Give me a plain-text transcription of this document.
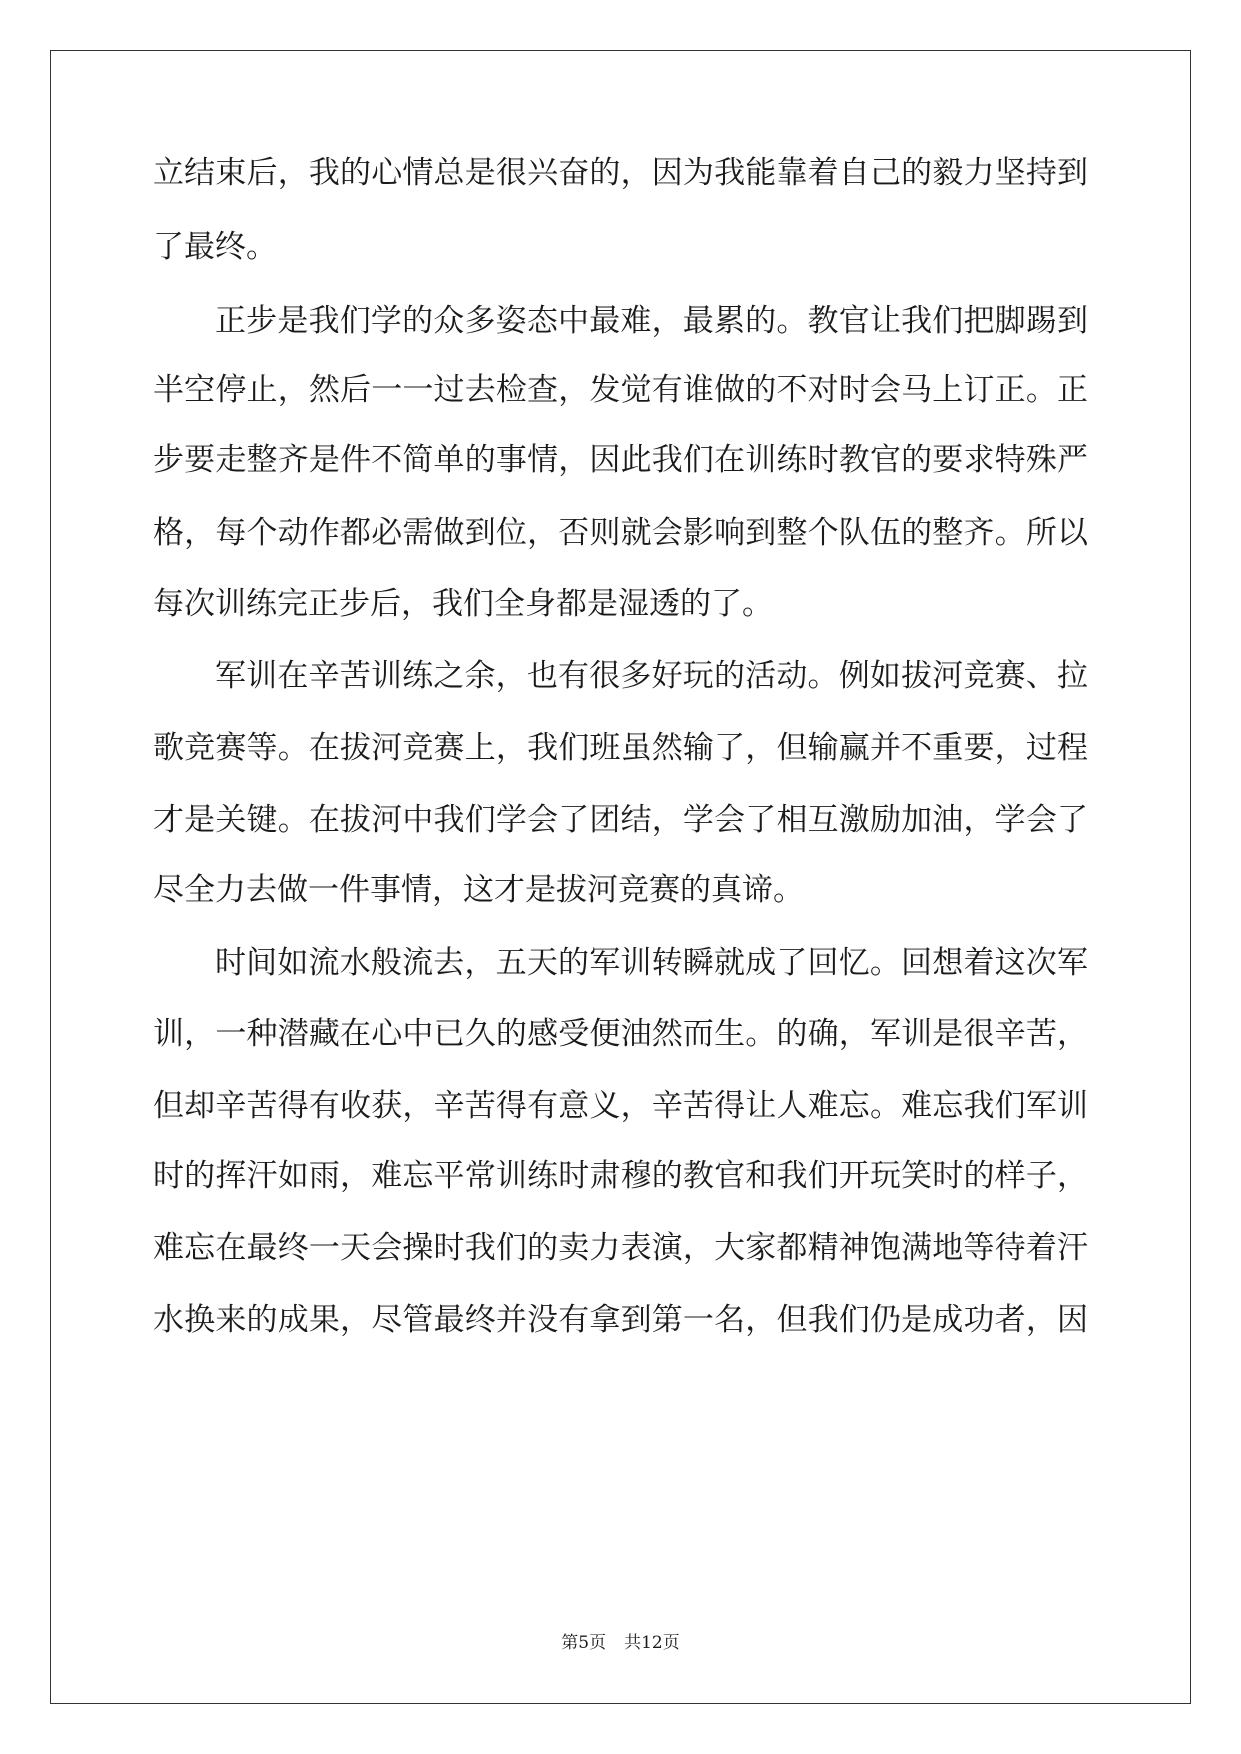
立结束后，我的心情总是很兴奋的，因为我能靠着自己的毅力坚持到
了最终。
正步是我们学的众多姿态中最难，最累的。教官让我们把脚踢到
半空停止，然后一一过去检查，发觉有谁做的不对时会马上订正。正
步要走整齐是件不简单的事情，因此我们在训练时教官的要求特殊严
格，每个动作都必需做到位，否则就会影响到整个队伍的整齐。所以
每次训练完正步后，我们全身都是湿透的了。
军训在辛苦训练之余，也有很多好玩的活动。例如拔河竞赛、拉
歌竞赛等。在拔河竞赛上，我们班虽然输了，但输赢并不重要，过程
才是关键。在拔河中我们学会了团结，学会了相互激励加油，学会了
尽全力去做一件事情，这才是拔河竞赛的真谛。
时间如流水般流去，五天的军训转瞬就成了回忆。回想着这次军
训，一种潜藏在心中已久的感受便油然而生。的确，军训是很辛苦，
但却辛苦得有收获，辛苦得有意义，辛苦得让人难忘。难忘我们军训
时的挥汗如雨，难忘平常训练时肃穆的教官和我们开玩笑时的样子，
难忘在最终一天会操时我们的卖力表演，大家都精神饱满地等待着汗
水换来的成果，尽管最终并没有拿到第一名，但我们仍是成功者，因
第5页 共12页
